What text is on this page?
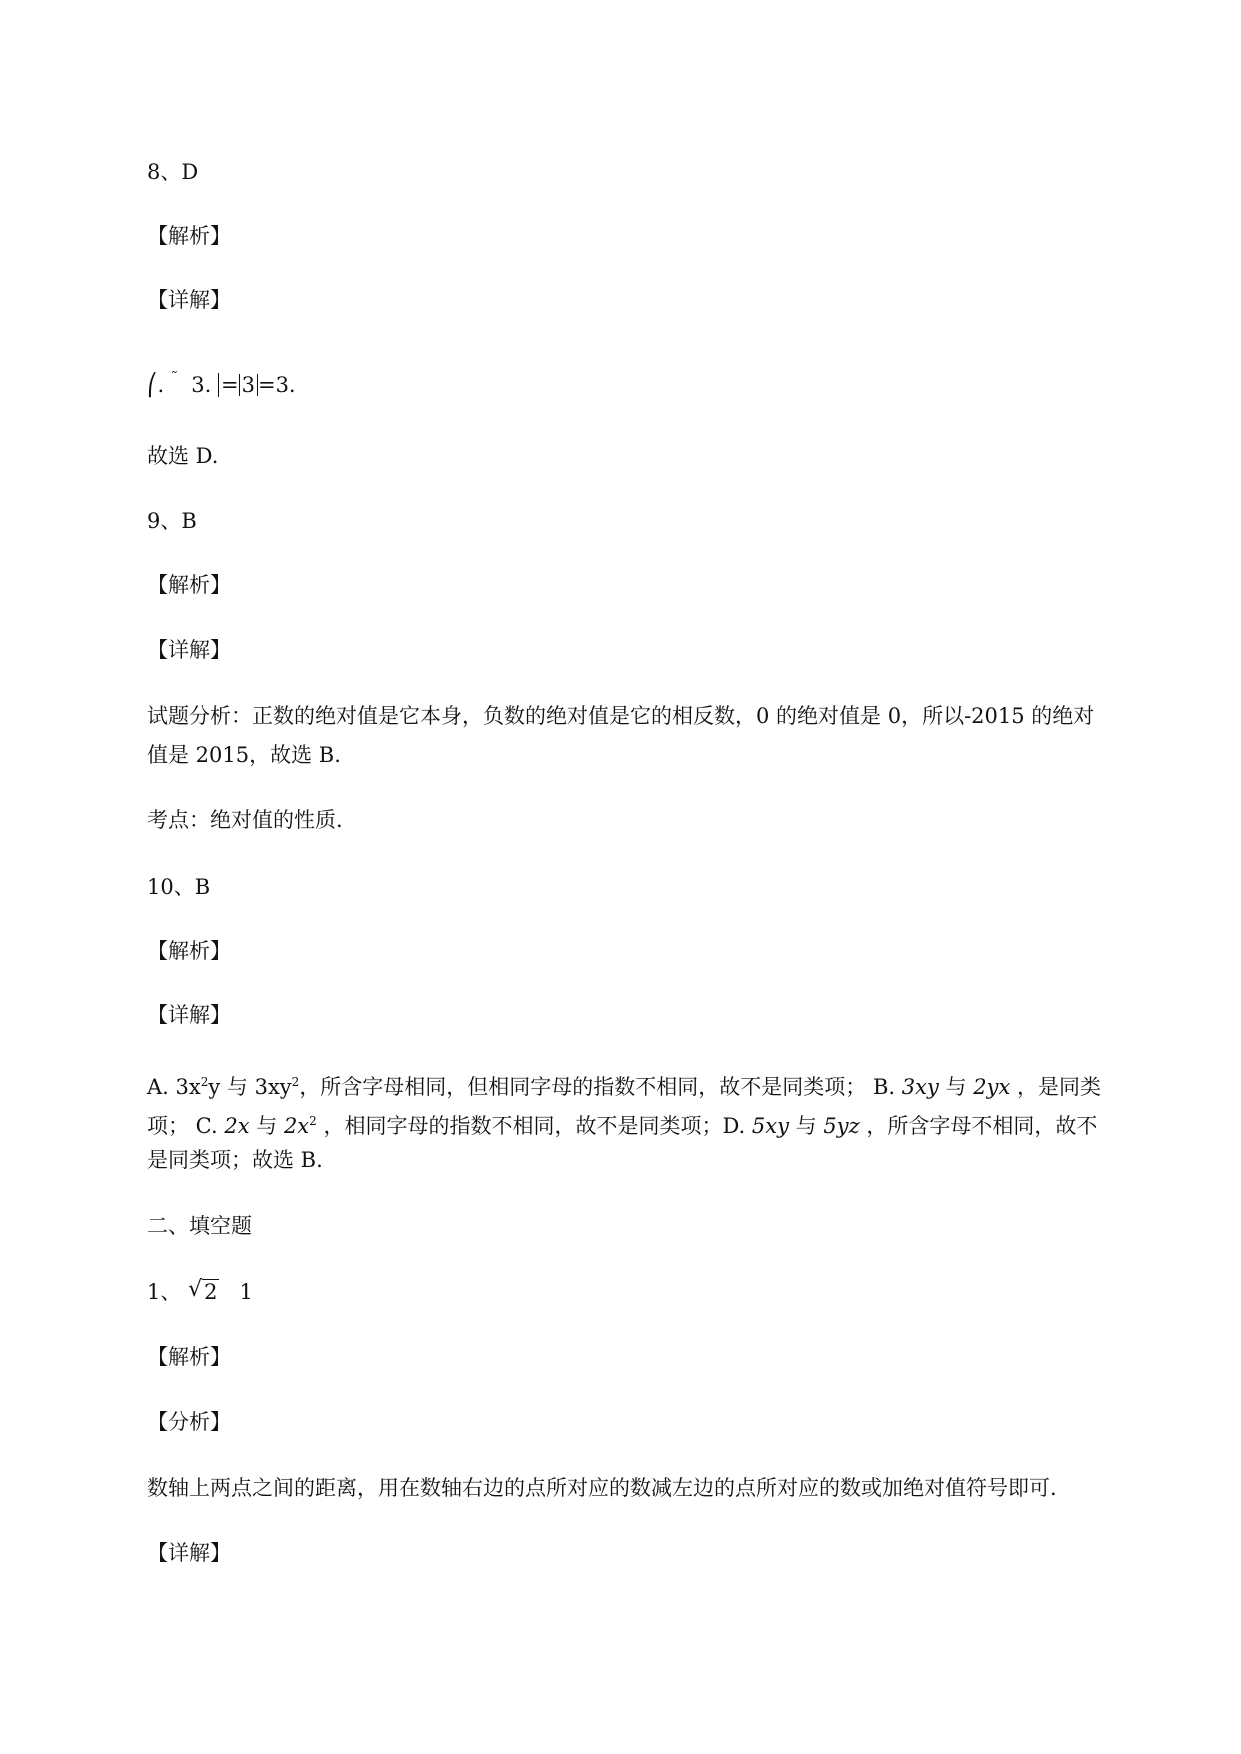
8、D
【解析】
【详解】
⎛. ˜ 3. = 3 =3.
故选 D.
9、B
【解析】
【详解】
试题分析：正数的绝对值是它本身，负数的绝对值是它的相反数，0 的绝对值是 0，所以-2015 的绝对
值是 2015，故选 B.
考点：绝对值的性质.
10、B
【解析】
【详解】
A. $3x^2y$ 与 $3xy^2$，所含字母相同，但相同字母的指数不相同，故不是同类项； B. 3xy 与 2yx ，是同类
项； C. 2x 与 $2x^2$ ，相同字母的指数不相同，故不是同类项；D. 5xy 与 5yz ，所含字母不相同，故不
是同类项；故选 B.
二、填空题
1、 √ 2 1
【解析】
【分析】
数轴上两点之间的距离，用在数轴右边的点所对应的数减左边的点所对应的数或加绝对值符号即可.
【详解】
